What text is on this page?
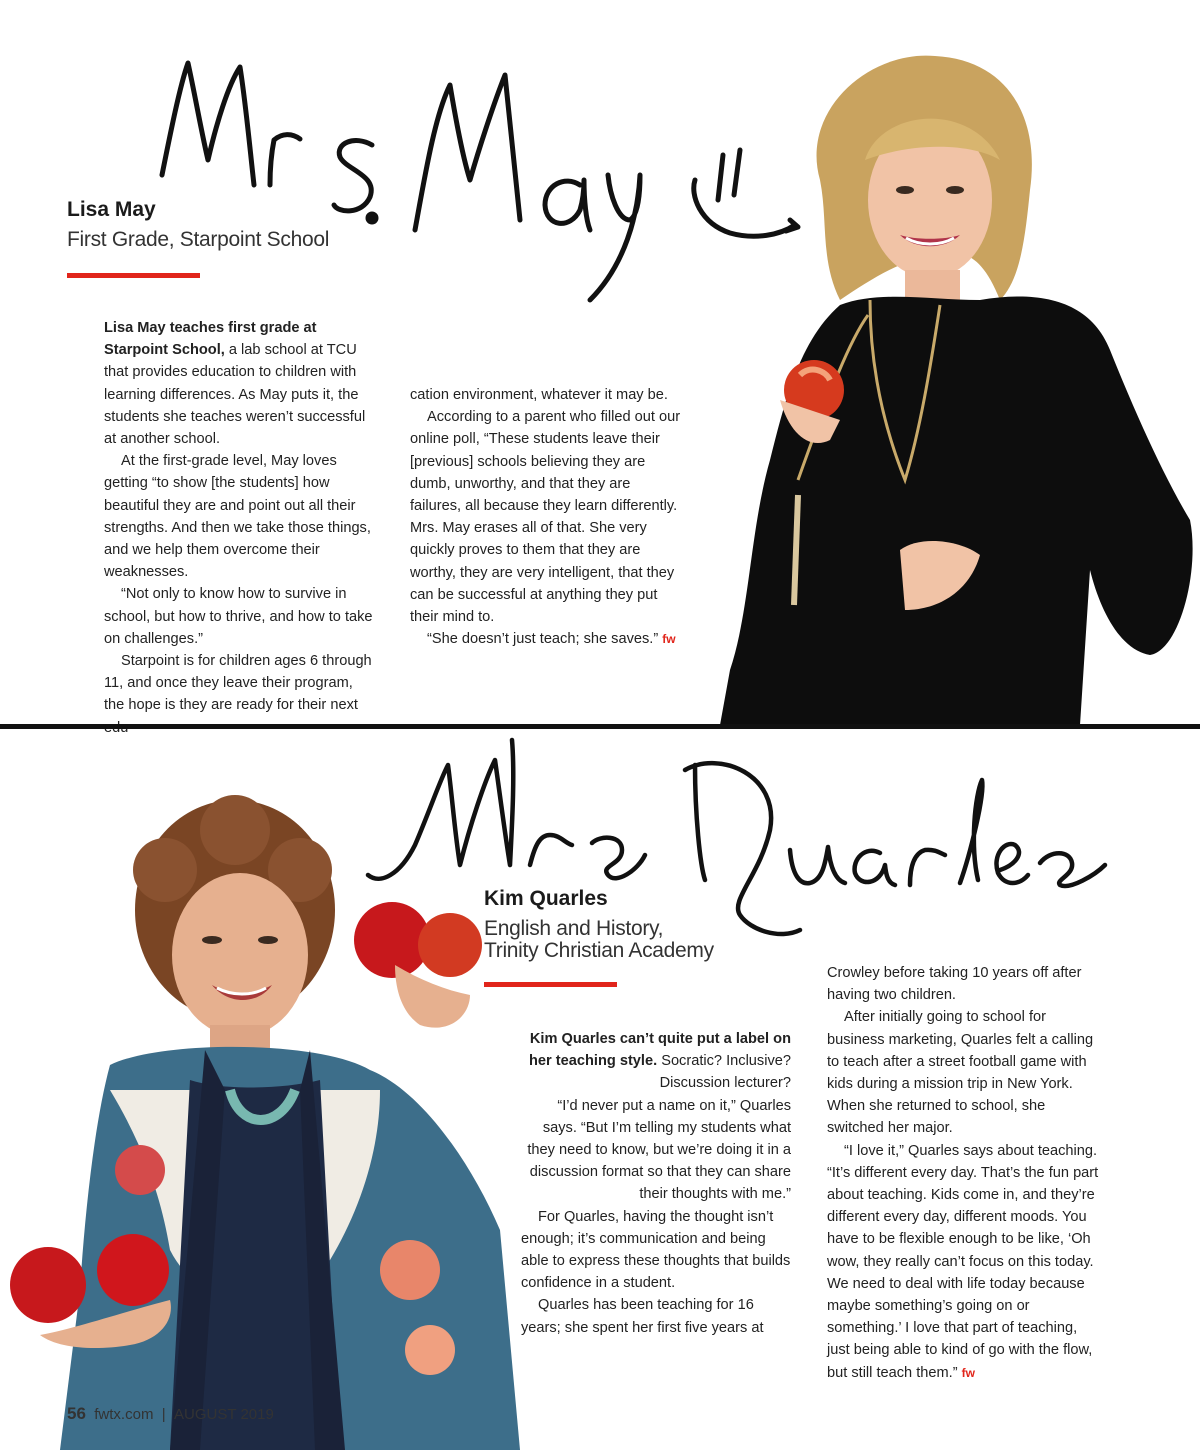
Lisa May
First Grade, Starpoint School

Lisa May teaches first grade at Starpoint School, a lab school at TCU that provides education to children with learning differences. As May puts it, the students she teaches weren’t successful at another school.

At the first-grade level, May loves getting “to show [the students] how beautiful they are and point out all their strengths. And then we take those things, and we help them overcome their weaknesses.

“Not only to know how to survive in school, but how to thrive, and how to take on challenges.”

Starpoint is for children ages 6 through 11, and once they leave their program, the hope is they are ready for their next

cation environment, whatever it may be.

According to a parent who filled out our online poll, “These students leave their [previous] schools believing they are dumb, unworthy, and that they are failures, all because they learn differently. Mrs. May erases all of that. She very quickly proves to them that they are worthy, they are very intelligent, that they can be successful at anything they put their mind to.

“She doesn’t just teach; she saves.” fw

Kim Quarles
English and History,
Trinity Christian Academy

Kim Quarles can’t quite put a label on her teaching style. Socratic? Inclusive? Discussion lecturer?

“I’d never put a name on it,” Quarles says. “But I’m telling my students what they need to know, but we’re doing it in a discussion format so that they can share their thoughts with me.”

For Quarles, having the thought isn’t enough; it’s communication and being able to express these thoughts that builds confidence in a student.

Quarles has been teaching for 16 years; she spent her first five years at

Crowley before taking 10 years off after having two children.

After initially going to school for business marketing, Quarles felt a calling to teach after a street football game with kids during a mission trip in New York. When she returned to school, she switched her major.

“I love it,” Quarles says about teaching. “It’s different every day. That’s the fun part about teaching. Kids come in, and they’re different every day, different moods. You have to be flexible enough to be like, ‘Oh wow, they really can’t focus on this today. We need to deal with life today because maybe something’s going on or something.’ I love that part of teaching, just being able to kind of go with the flow, but still teach them.” fw

56 fwtx.com | AUGUST 2019
